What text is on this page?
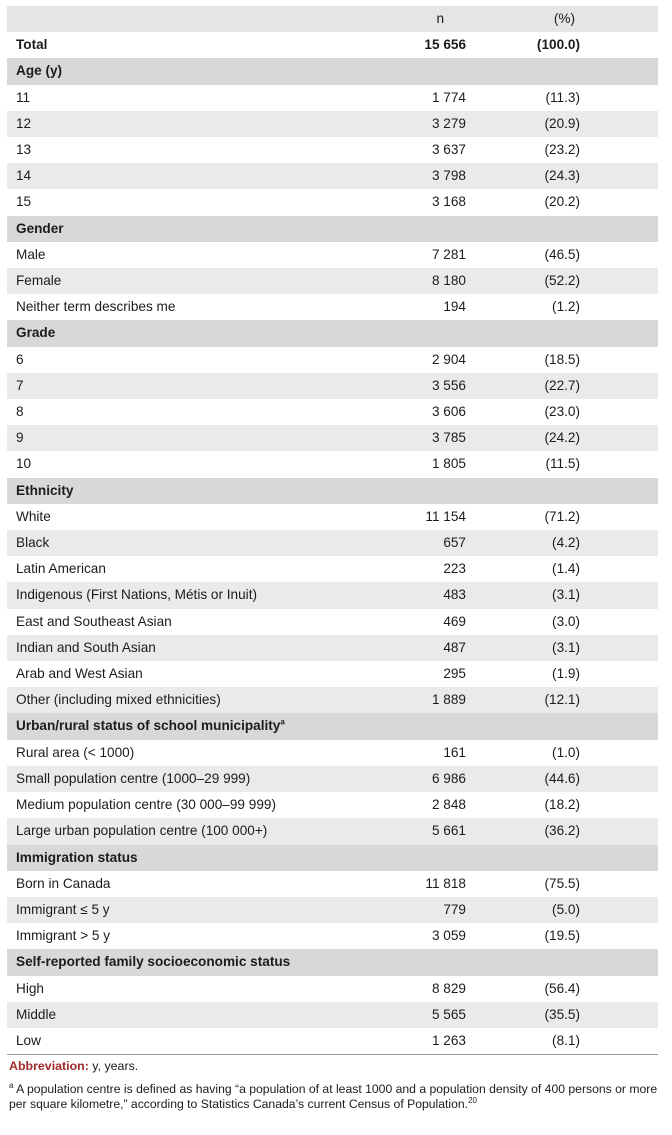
	n	(%)
Total	15 656	(100.0)
Age (y)		
11	1 774	(11.3)
12	3 279	(20.9)
13	3 637	(23.2)
14	3 798	(24.3)
15	3 168	(20.2)
Gender		
Male	7 281	(46.5)
Female	8 180	(52.2)
Neither term describes me	194	(1.2)
Grade		
6	2 904	(18.5)
7	3 556	(22.7)
8	3 606	(23.0)
9	3 785	(24.2)
10	1 805	(11.5)
Ethnicity		
White	11 154	(71.2)
Black	657	(4.2)
Latin American	223	(1.4)
Indigenous (First Nations, Métis or Inuit)	483	(3.1)
East and Southeast Asian	469	(3.0)
Indian and South Asian	487	(3.1)
Arab and West Asian	295	(1.9)
Other (including mixed ethnicities)	1 889	(12.1)
Urban/rural status of school municipality$^a$
Rural area (< 1000)	161	(1.0)
Small population centre (1000–29 999)	6 986	(44.6)
Medium population centre (30 000–99 999)	2 848	(18.2)
Large urban population centre (100 000+)	5 661	(36.2)
Immigration status		
Born in Canada	11 818	(75.5)
Immigrant ≤ 5 y	779	(5.0)
Immigrant > 5 y	3 059	(19.5)
Self-reported family socioeconomic status		
High	8 829	(56.4)
Middle	5 565	(35.5)
Low	1 263	(8.1)
Abbreviation: y, years.
$^a$ A population centre is defined as having “a population of at least 1000 and a population density of 400 persons or more per square kilometre,” according to Statistics Canada’s current Census of Population.$^{20}$
